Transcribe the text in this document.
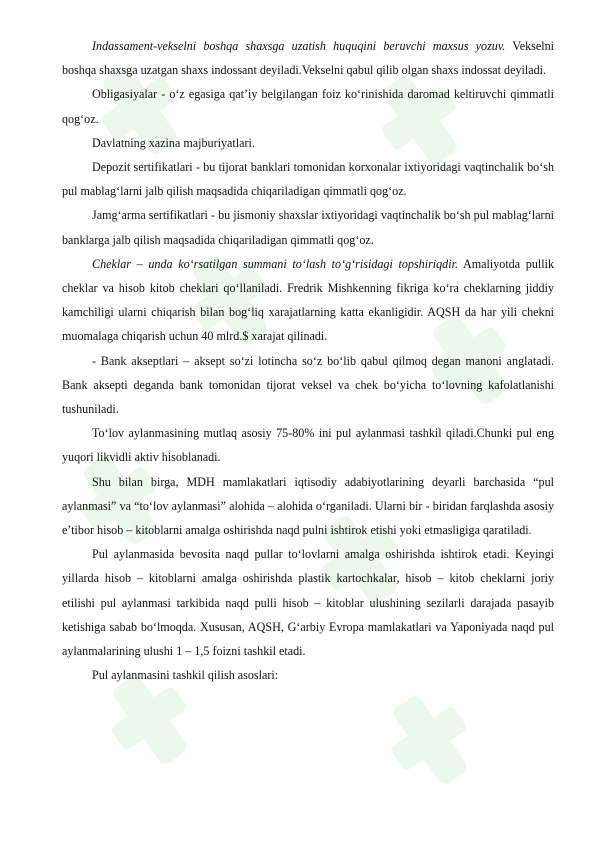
Indassament-vekselni boshqa shaxsga uzatish huquqini beruvchi maxsus yozuv. Vekselni boshqa shaxsga uzatgan shaxs indossant deyiladi.Vekselni qabul qilib olgan shaxs indossat deyiladi.

Obligasiyalar - o‘z egasiga qat’iy belgilangan foiz ko‘rinishida daromad keltiruvchi qimmatli qog‘oz.

Davlatning xazina majburiyatlari.

Depozit sertifikatlari - bu tijorat banklari tomonidan korxonalar ixtiyoridagi vaqtinchalik bo‘sh pul mablag‘larni jalb qilish maqsadida chiqariladigan qimmatli qog‘oz.

Jamg‘arma sertifikatlari - bu jismoniy shaxslar ixtiyoridagi vaqtinchalik bo‘sh pul mablag‘larni banklarga jalb qilish maqsadida chiqariladigan qimmatli qog‘oz.

Cheklar – unda ko‘rsatilgan summani to‘lash to‘g‘risidagi topshiriqdir. Amaliyotda pullik cheklar va hisob kitob cheklari qo‘llaniladi. Fredrik Mishkenning fikriga ko‘ra cheklarning jiddiy kamchiligi ularni chiqarish bilan bog‘liq xarajatlarning katta ekanligidir. AQSH da har yili chekni muomalaga chiqarish uchun 40 mlrd.$ xarajat qilinadi.

- Bank akseptlari – aksept so‘zi lotincha so‘z bo‘lib qabul qilmoq degan manoni anglatadi. Bank aksepti deganda bank tomonidan tijorat veksel va chek bo‘yicha to‘lovning kafolatlanishi tushuniladi.

To‘lov aylanmasining mutlaq asosiy 75-80% ini pul aylanmasi tashkil qiladi.Chunki pul eng yuqori likvidli aktiv hisoblanadi.

Shu bilan birga, MDH mamlakatlari iqtisodiy adabiyotlarining deyarli barchasida “pul aylanmasi” va “to‘lov aylanmasi” alohida – alohida o‘rganiladi. Ularni bir - biridan farqlashda asosiy e’tibor hisob – kitoblarni amalga oshirishda naqd pulni ishtirok etishi yoki etmasligiga qaratiladi.

Pul aylanmasida bevosita naqd pullar to‘lovlarni amalga oshirishda ishtirok etadi. Keyingi yillarda hisob – kitoblarni amalga oshirishda plastik kartochkalar, hisob – kitob cheklarni joriy etilishi pul aylanmasi tarkibida naqd pulli hisob – kitoblar ulushining sezilarli darajada pasayib ketishiga sabab bo‘lmoqda. Xususan, AQSH, G‘arbiy Evropa mamlakatlari va Yaponiyada naqd pul aylanmalarining ulushi 1 – 1,5 foizni tashkil etadi.

Pul aylanmasini tashkil qilish asoslari:
